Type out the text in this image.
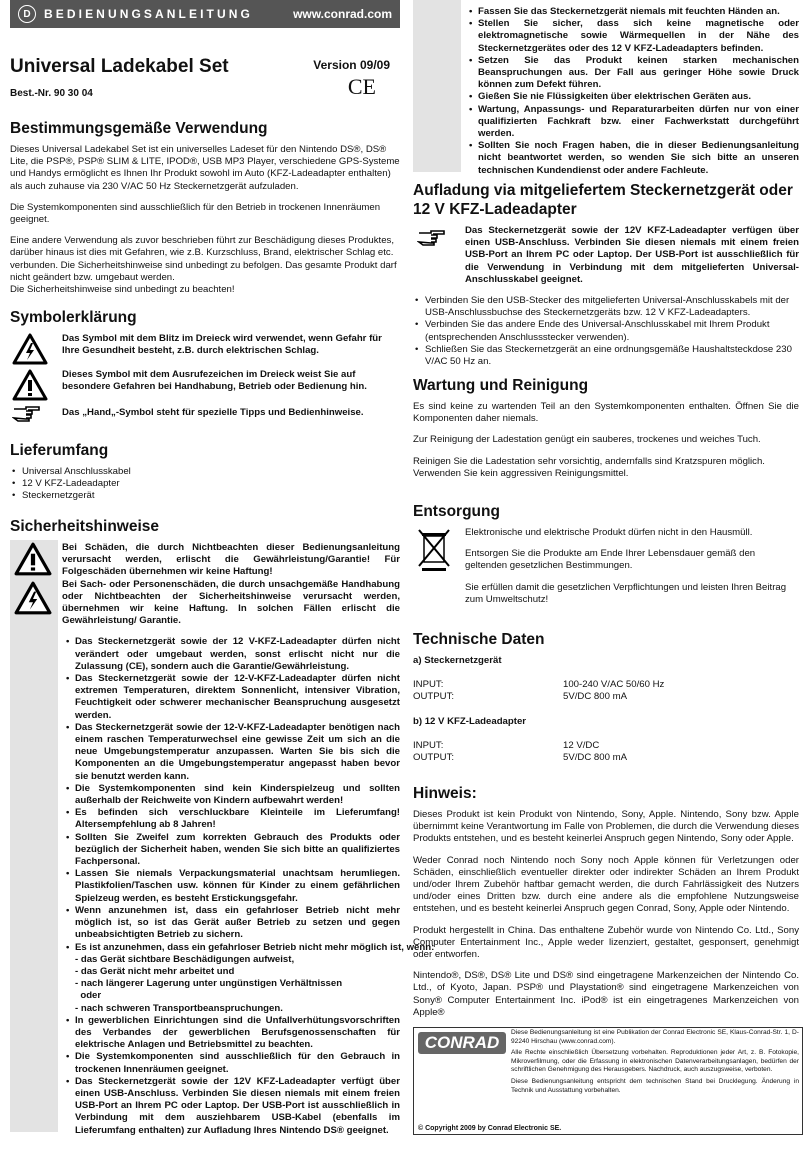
D	BEDIENUNGSANLEITUNG	www.conrad.com
Universal Ladekabel Set
Best.-Nr. 90 30 04
Version 09/09
CE
Bestimmungsgemäße Verwendung

Dieses Universal Ladekabel Set ist ein universelles Ladeset für den Nintendo DS®, DS® Lite, die PSP®, PSP® SLIM & LITE, IPOD®, USB MP3 Player, verschiedene GPS-Systeme und Handys ermöglicht es Ihnen Ihr Produkt sowohl im Auto (KFZ-Ladeadapter enthalten) als auch zuhause via 230 V/AC 50 Hz Steckernetzgerät aufzuladen.

Die Systemkomponenten sind ausschließlich für den Betrieb in trockenen Innenräumen geeignet.

Eine andere Verwendung als zuvor beschrieben führt zur Beschädigung dieses Produktes, darüber hinaus ist dies mit Gefahren, wie z.B. Kurzschluss, Brand, elektrischer Schlag etc. verbunden. Die Sicherheitshinweise sind unbedingt zu befolgen. Das gesamte Produkt darf nicht geändert bzw. umgebaut werden.

Die Sicherheitshinweise sind unbedingt zu beachten!

Symbolerklärung
Das Symbol mit dem Blitz im Dreieck wird verwendet, wenn Gefahr für Ihre Gesundheit besteht, z.B. durch elektrischen Schlag.
Dieses Symbol mit dem Ausrufezeichen im Dreieck weist Sie auf besondere Gefahren bei Handhabung, Betrieb oder Bedienung hin.
Das „Hand„-Symbol steht für spezielle Tipps und Bedienhinweise.
Lieferumfang
• Universal Anschlusskabel
• 12 V KFZ-Ladeadapter
• Steckernetzgerät
Sicherheitshinweise
Bei Schäden, die durch Nichtbeachten dieser Bedienungsanleitung verursacht werden, erlischt die Gewährleistung/Garantie! Für Folgeschäden übernehmen wir keine Haftung!
Bei Sach- oder Personenschäden, die durch unsachgemäße Handhabung oder Nichtbeachten der Sicherheitshinweise verursacht werden, übernehmen wir keine Haftung. In solchen Fällen erlischt die Gewährleistung/ Garantie.
• Das Steckernetzgerät sowie der 12 V-KFZ-Ladeadapter dürfen nicht verändert oder umgebaut werden, sonst erlischt nicht nur die Zulassung (CE), sondern auch die Garantie/Gewährleistung.
• Das Steckernetzgerät sowie der 12-V-KFZ-Ladeadapter dürfen nicht extremen Temperaturen, direktem Sonnenlicht, intensiver Vibration, Feuchtigkeit oder schwerer mechanischer Beanspruchung ausgesetzt werden.
• Das Steckernetzgerät sowie der 12-V-KFZ-Ladeadapter benötigen nach einem raschen Temperaturwechsel eine gewisse Zeit um sich an die neue Umgebungstemperatur anzupassen. Warten Sie bis sich die Komponenten an die Umgebungstemperatur angepasst haben bevor sie benutzt werden kann.
• Die Systemkomponenten sind kein Kinderspielzeug und sollten außerhalb der Reichweite von Kindern aufbewahrt werden!
• Es befinden sich verschluckbare Kleinteile im Lieferumfang! Altersempfehlung ab 8 Jahren!
• Sollten Sie Zweifel zum korrekten Gebrauch des Produkts oder bezüglich der Sicherheit haben, wenden Sie sich bitte an qualifiziertes Fachpersonal.
• Lassen Sie niemals Verpackungsmaterial unachtsam herumliegen. Plastikfolien/Taschen usw. können für Kinder zu einem gefährlichen Spielzeug werden, es besteht Erstickungsgefahr.
• Wenn anzunehmen ist, dass ein gefahrloser Betrieb nicht mehr möglich ist, so ist das Gerät außer Betrieb zu setzen und gegen unbeabsichtigten Betrieb zu sichern.
• Es ist anzunehmen, dass ein gefahrloser Betrieb nicht mehr möglich ist, wenn:
- das Gerät sichtbare Beschädigungen aufweist,
- das Gerät nicht mehr arbeitet und
- nach längerer Lagerung unter ungünstigen Verhältnissen
oder
- nach schweren Transportbeanspruchungen.
• In gewerblichen Einrichtungen sind die Unfallverhütungsvorschriften des Verbandes der gewerblichen Berufsgenossenschaften für elektrische Anlagen und Betriebsmittel zu beachten.
• Die Systemkomponenten sind ausschließlich für den Gebrauch in trockenen Innenräumen geeignet.
• Das Steckernetzgerät sowie der 12V KFZ-Ladeadapter verfügt über einen USB-Anschluss. Verbinden Sie diesen niemals mit einem freien USB-Port an Ihrem PC oder Laptop. Der USB-Port ist ausschließlich in Verbindung mit dem ausziehbarem USB-Kabel (ebenfalls im Lieferumfang enthalten) zur Aufladung Ihres Nintendo DS® geeignet.
• Fassen Sie das Steckernetzgerät niemals mit feuchten Händen an.
• Stellen Sie sicher, dass sich keine magnetische oder elektromagnetische sowie Wärmequellen in der Nähe des Steckernetzgerätes oder des 12 V KFZ-Ladeadapters befinden.
• Setzen Sie das Produkt keinen starken mechanischen Beanspruchungen aus. Der Fall aus geringer Höhe sowie Druck können zum Defekt führen.
• Gießen Sie nie Flüssigkeiten über elektrischen Geräten aus.
• Wartung, Anpassungs- und Reparaturarbeiten dürfen nur von einer qualifizierten Fachkraft bzw. einer Fachwerkstatt durchgeführt werden.
• Sollten Sie noch Fragen haben, die in dieser Bedienungsanleitung nicht beantwortet werden, so wenden Sie sich bitte an unseren technischen Kundendienst oder andere Fachleute.
Aufladung via mitgeliefertem Steckernetzgerät oder 12 V KFZ-Ladeadapter
Das Steckernetzgerät sowie der 12V KFZ-Ladeadapter verfügen über einen USB-Anschluss. Verbinden Sie diesen niemals mit einem freien USB-Port an Ihrem PC oder Laptop. Der USB-Port ist ausschließlich für die Verwendung in Verbindung mit dem mitgelieferten Universal-Anschlusskabel geeignet.
• Verbinden Sie den USB-Stecker des mitgelieferten Universal-Anschlusskabels mit der USB-Anschlussbuchse des Steckernetzgeräts bzw. 12 V KFZ-Ladeadapters.
• Verbinden Sie das andere Ende des Universal-Anschlusskabel mit Ihrem Produkt (entsprechenden Anschlussstecker verwenden).
• Schließen Sie das Steckernetzgerät an eine ordnungsgemäße Haushaltsteckdose 230 V/AC 50 Hz an.
Wartung und Reinigung

Es sind keine zu wartenden Teil an den Systemkomponenten enthalten. Öffnen Sie die Komponenten daher niemals.

Zur Reinigung der Ladestation genügt ein sauberes, trockenes und weiches Tuch.

Reinigen Sie die Ladestation sehr vorsichtig, andernfalls sind Kratzspuren möglich. Verwenden Sie kein aggressiven Reinigungsmittel.

Entsorgung

Elektronische und elektrische Produkt dürfen nicht in den Hausmüll.

Entsorgen Sie die Produkte am Ende Ihrer Lebensdauer gemäß den geltenden gesetzlichen Bestimmungen.

Sie erfüllen damit die gesetzlichen Verpflichtungen und leisten Ihren Beitrag zum Umweltschutz!

Technische Daten
a) Steckernetzgerät
INPUT:	100-240 V/AC 50/60 Hz
OUTPUT:	5V/DC 800 mA
b) 12 V KFZ-Ladeadapter
INPUT:	12 V/DC
OUTPUT:	5V/DC 800 mA
Hinweis:

Dieses Produkt ist kein Produkt von Nintendo, Sony, Apple. Nintendo, Sony bzw. Apple übernimmt keine Verantwortung im Falle von Problemen, die durch die Verwendung dieses Produkts entstehen, und es besteht keinerlei Anspruch gegen Nintendo, Sony oder Apple.

Weder Conrad noch Nintendo noch Sony noch Apple können für Verletzungen oder Schäden, einschließlich eventueller direkter oder indirekter Schäden an Ihrem Produkt und/oder Ihrem Zubehör haftbar gemacht werden, die durch Fahrlässigkeit des Nutzers und/oder eines Dritten bzw. durch eine andere als die empfohlene Nutzungsweise entstehen, und es besteht keinerlei Anspruch gegen Conrad, Sony, Apple oder Nintendo.

Produkt hergestellt in China. Das enthaltene Zubehör wurde von Nintendo Co. Ltd., Sony Computer Entertainment Inc., Apple weder lizenziert, gestaltet, gesponsert, genehmigt oder entworfen.

Nintendo®, DS®, DS® Lite und DS® sind eingetragene Markenzeichen der Nintendo Co. Ltd., of Kyoto, Japan. PSP® und Playstation® sind eingetragene Markenzeichen von Sony® Computer Entertainment Inc. iPod® ist ein eingetragenes Markenzeichen von Apple®

CONRAD
Diese Bedienungsanleitung ist eine Publikation der Conrad Electronic SE, Klaus-Conrad-Str. 1, D-92240 Hirschau (www.conrad.com).
Alle Rechte einschließlich Übersetzung vorbehalten. Reproduktionen jeder Art, z. B. Fotokopie, Mikroverfilmung, oder die Erfassung in elektronischen Datenverarbeitungsanlagen, bedürfen der schriftlichen Genehmigung des Herausgebers. Nachdruck, auch auszugsweise, verboten.
Diese Bedienungsanleitung entspricht dem technischen Stand bei Drucklegung. Änderung in Technik und Ausstattung vorbehalten.
© Copyright 2009 by Conrad Electronic SE.
